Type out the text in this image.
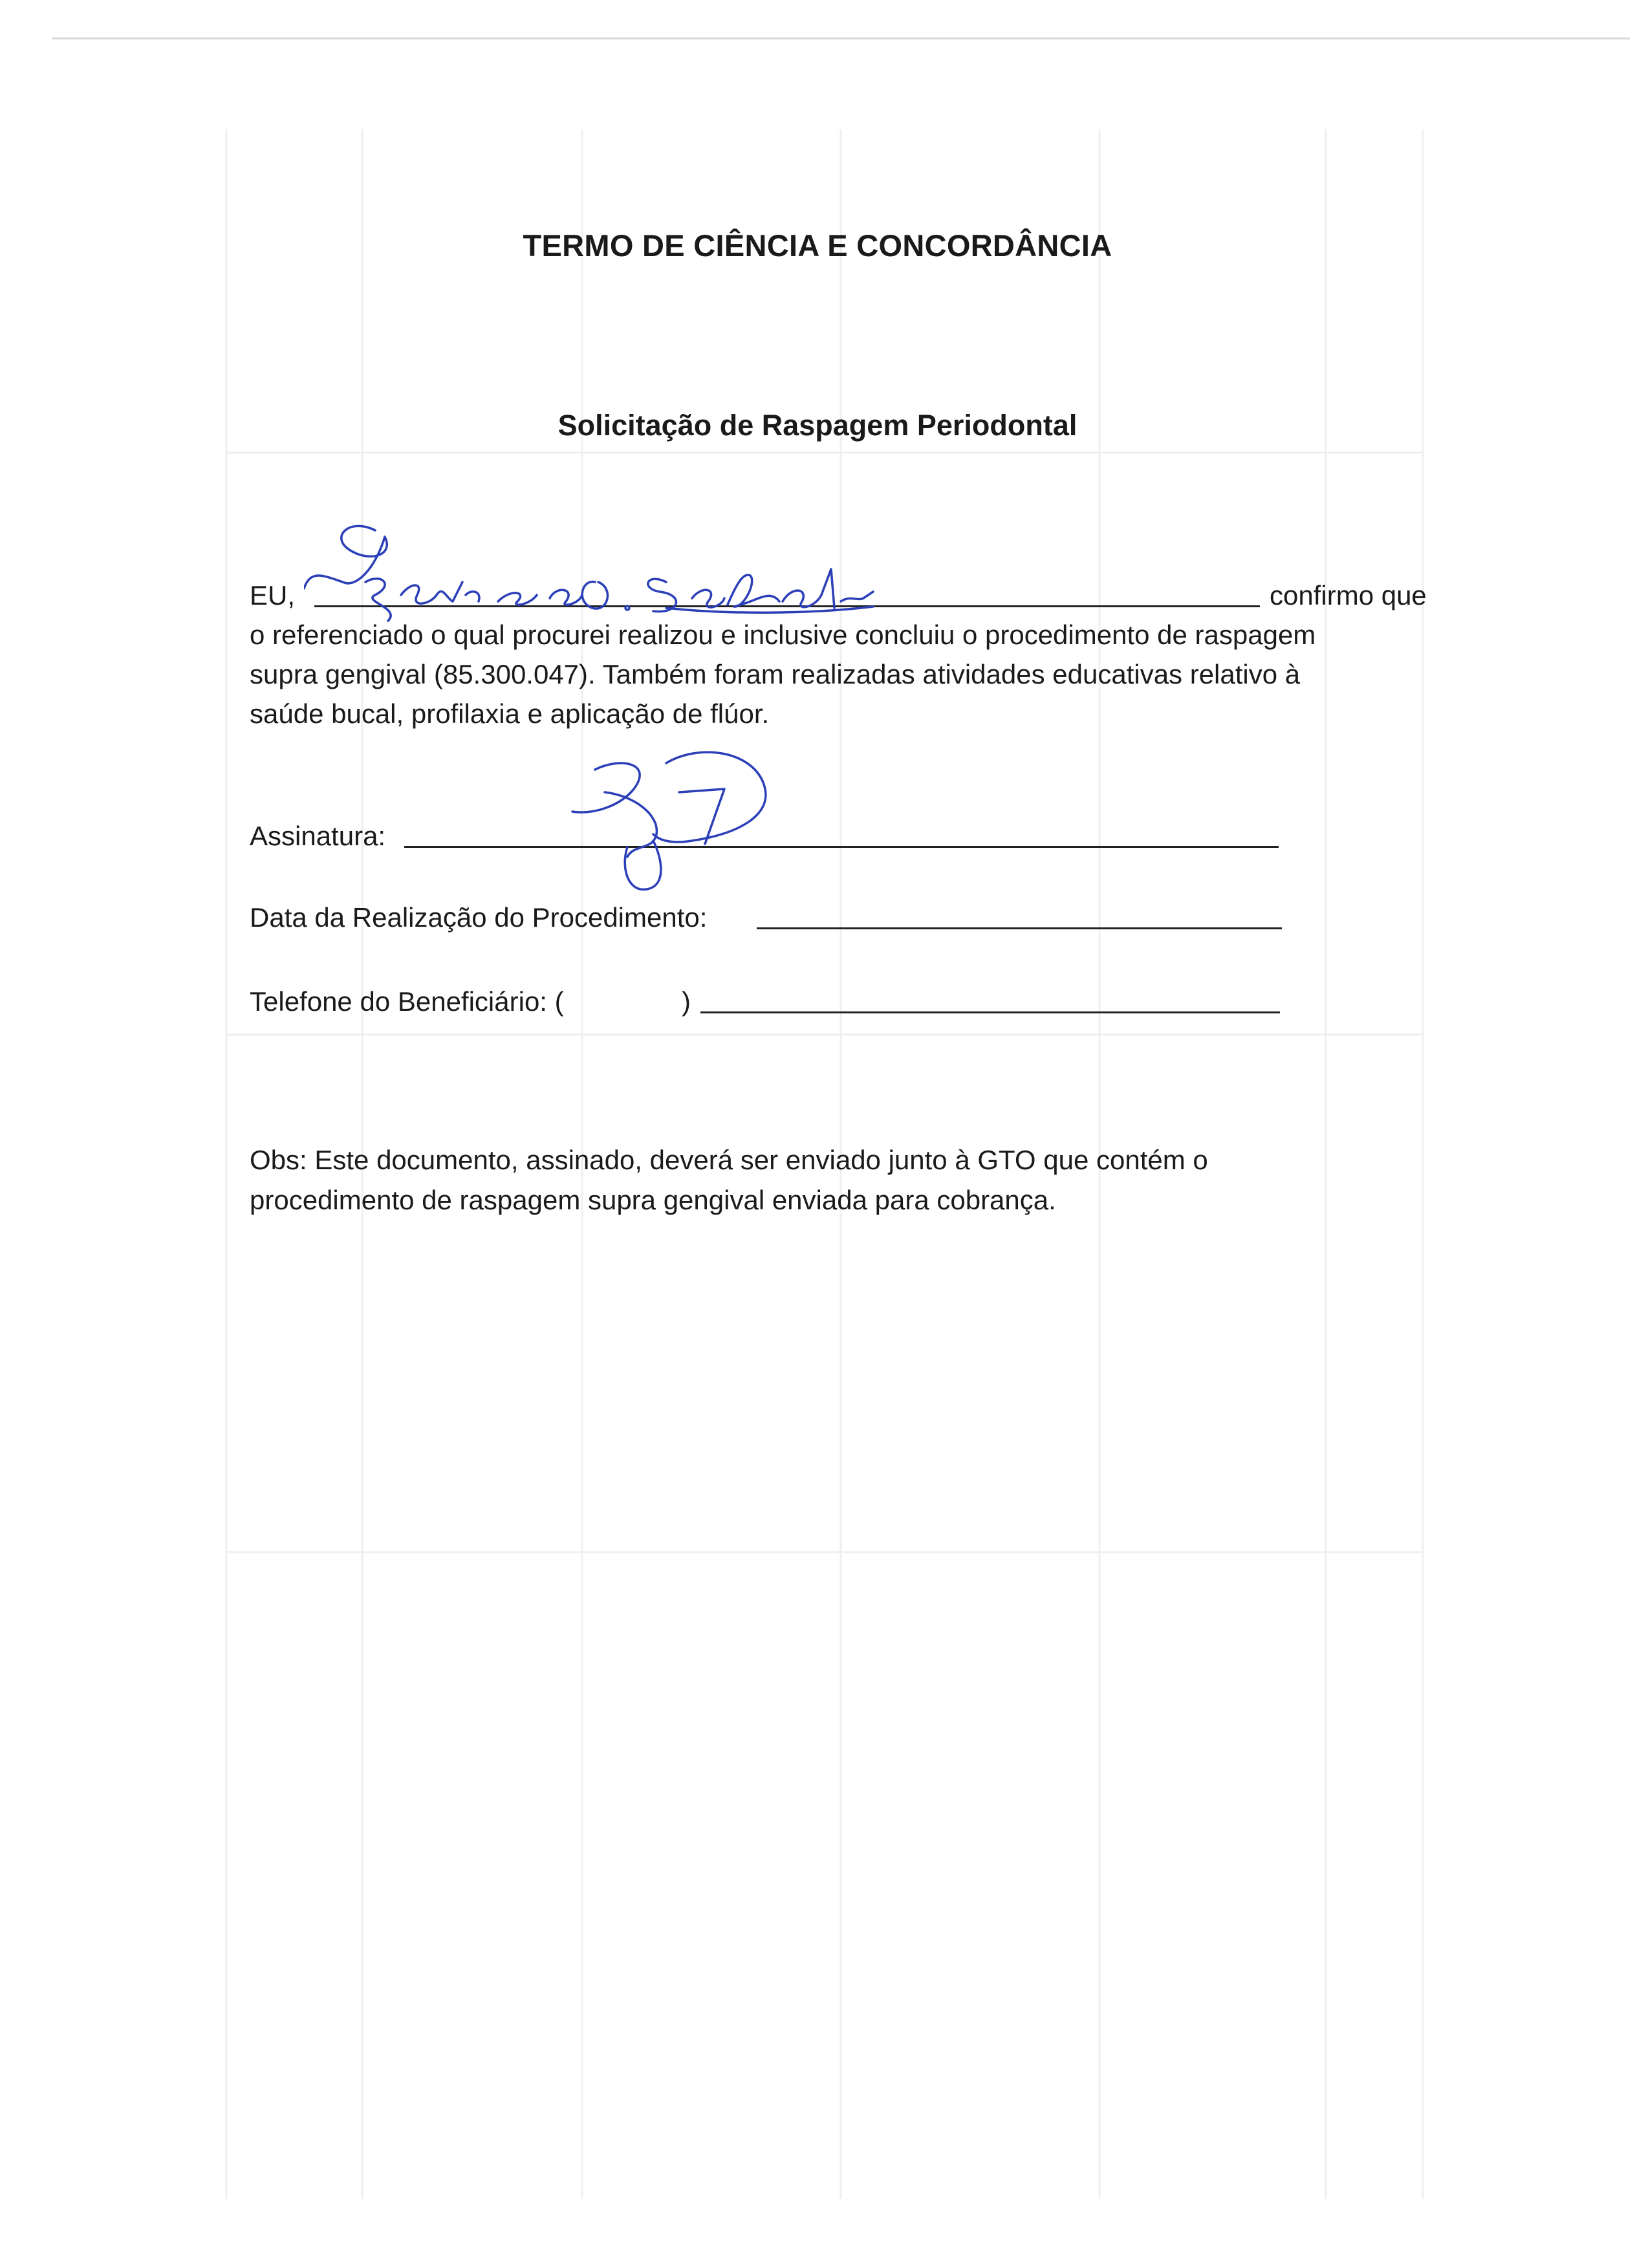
TERMO DE CIÊNCIA E CONCORDÂNCIA
Solicitação de Raspagem Periodontal
EU,	confirmo que

o referenciado o qual procurei realizou e inclusive concluiu o procedimento de raspagem
supra gengival (85.300.047). Também foram realizadas atividades educativas relativo à
saúde bucal, profilaxia e aplicação de flúor.

Assinatura:
Data da Realização do Procedimento:
Telefone do Beneficiário: (	)

Obs: Este documento, assinado, deverá ser enviado junto à GTO que contém o
procedimento de raspagem supra gengival enviada para cobrança.
